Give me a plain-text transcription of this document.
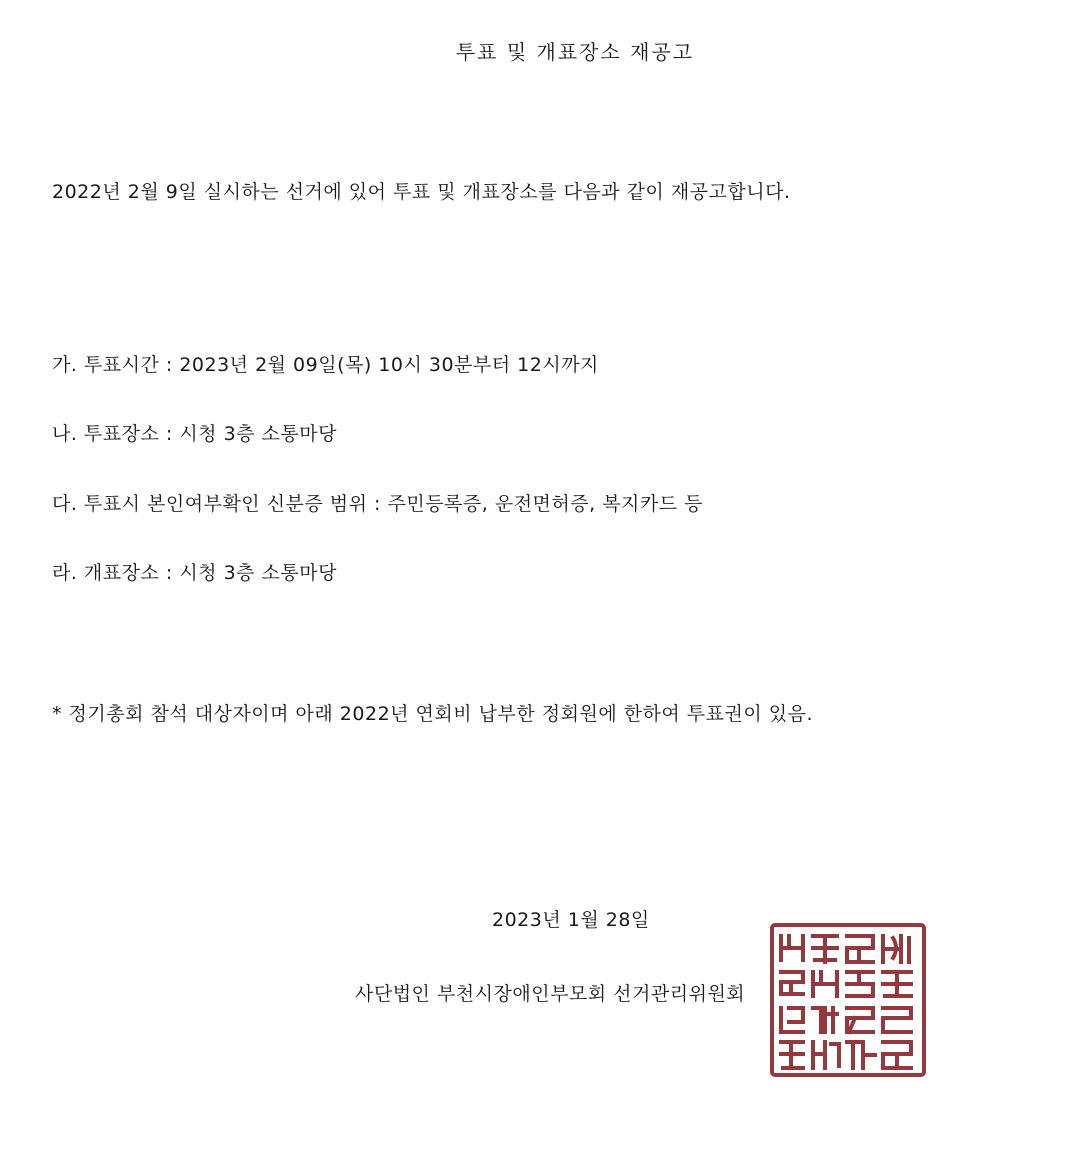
투표 및 개표장소 재공고
2022년 2월 9일 실시하는 선거에 있어 투표 및 개표장소를 다음과 같이 재공고합니다.
가. 투표시간 : 2023년 2월 09일(목) 10시 30분부터 12시까지
나. 투표장소 : 시청 3층 소통마당
다. 투표시 본인여부확인 신분증 범위 : 주민등록증, 운전면허증, 복지카드 등
라. 개표장소 : 시청 3층 소통마당
* 정기총회 참석 대상자이며 아래 2022년 연회비 납부한 정회원에 한하여 투표권이 있음.
2023년 1월 28일
사단법인 부천시장애인부모회 선거관리위원회
